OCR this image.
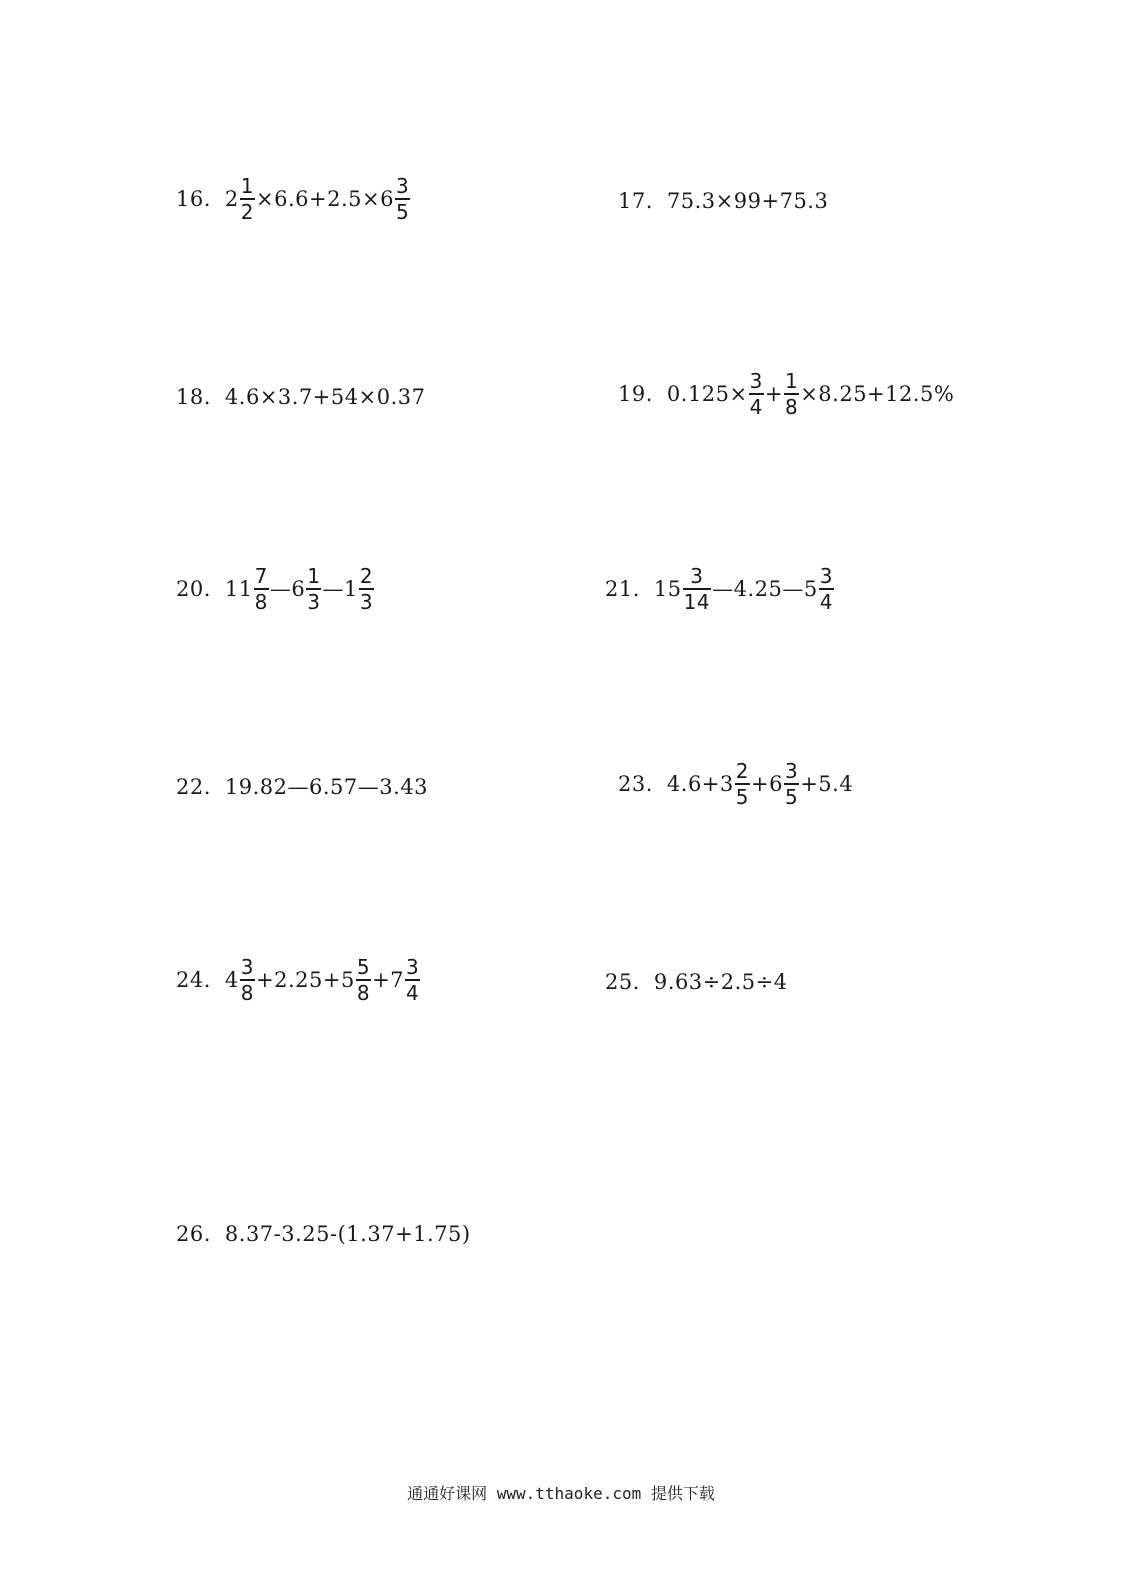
16. $2 \frac{1}{2} \times 6.6+2.5\times 6 \frac{3}{5}$	17. 75.3×99+75.3
18. 4.6×3.7+54×0.37	19. $0.125\times \frac{3}{4} + \frac{1}{8} \times 8.25+12.5\%$
20. $11 \frac{7}{8}$ —6 $\frac{1}{3}$ —1 $\frac{2}{3}$	21. $15 \frac{3}{14}$ —4.25—5 $\frac{3}{4}$
22. 19.82—6.57—3.43	23. $4.6+3 \frac{2}{5} +6 \frac{3}{5} +5.4$
24. $4 \frac{3}{8} +2.25+5 \frac{5}{8} +7 \frac{3}{4}$	25. 9.63÷2.5÷4
26. 8.37-3.25-(1.37+1.75)
通通好课网 www.tthaoke.com 提供下载
